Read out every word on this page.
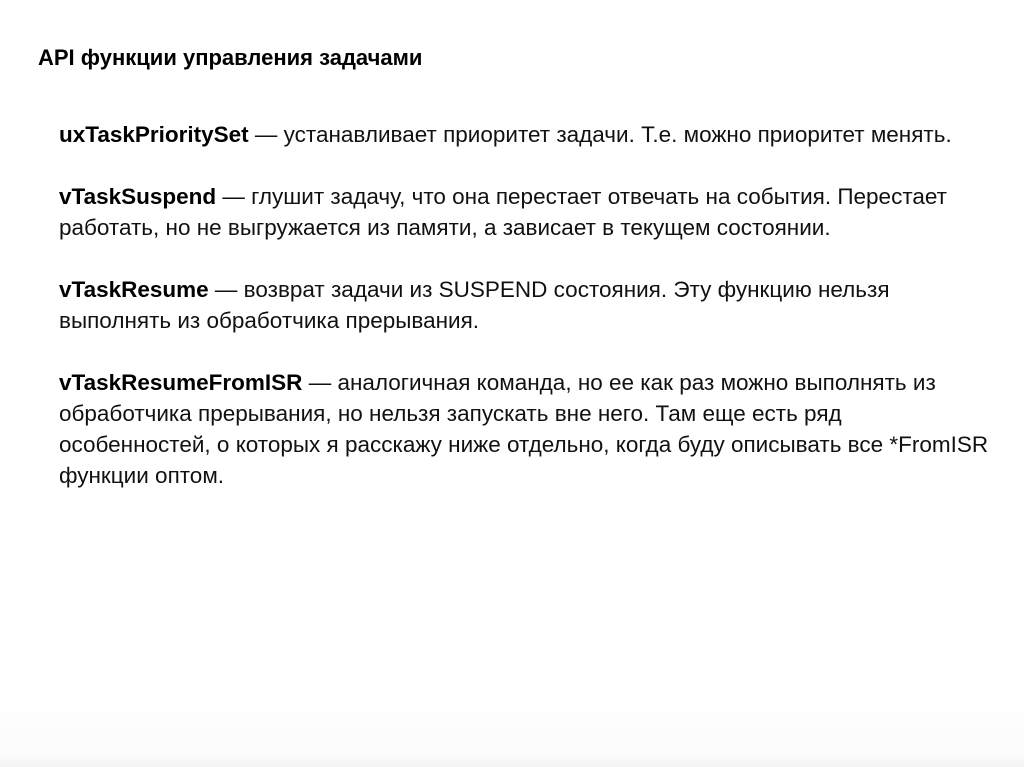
API функции управления задачами

uxTaskPrioritySet — устанавливает приоритет задачи. Т.е. можно приоритет менять.

vTaskSuspend — глушит задачу, что она перестает отвечать на события. Перестает работать, но не выгружается из памяти, а зависает в текущем состоянии.

vTaskResume — возврат задачи из SUSPEND состояния. Эту функцию нельзя выполнять из обработчика прерывания.

vTaskResumeFromISR — аналогичная команда, но ее как раз можно выполнять из обработчика прерывания, но нельзя запускать вне него. Там еще есть ряд особенностей, о которых я расскажу ниже отдельно, когда буду описывать все *FromISR функции оптом.
